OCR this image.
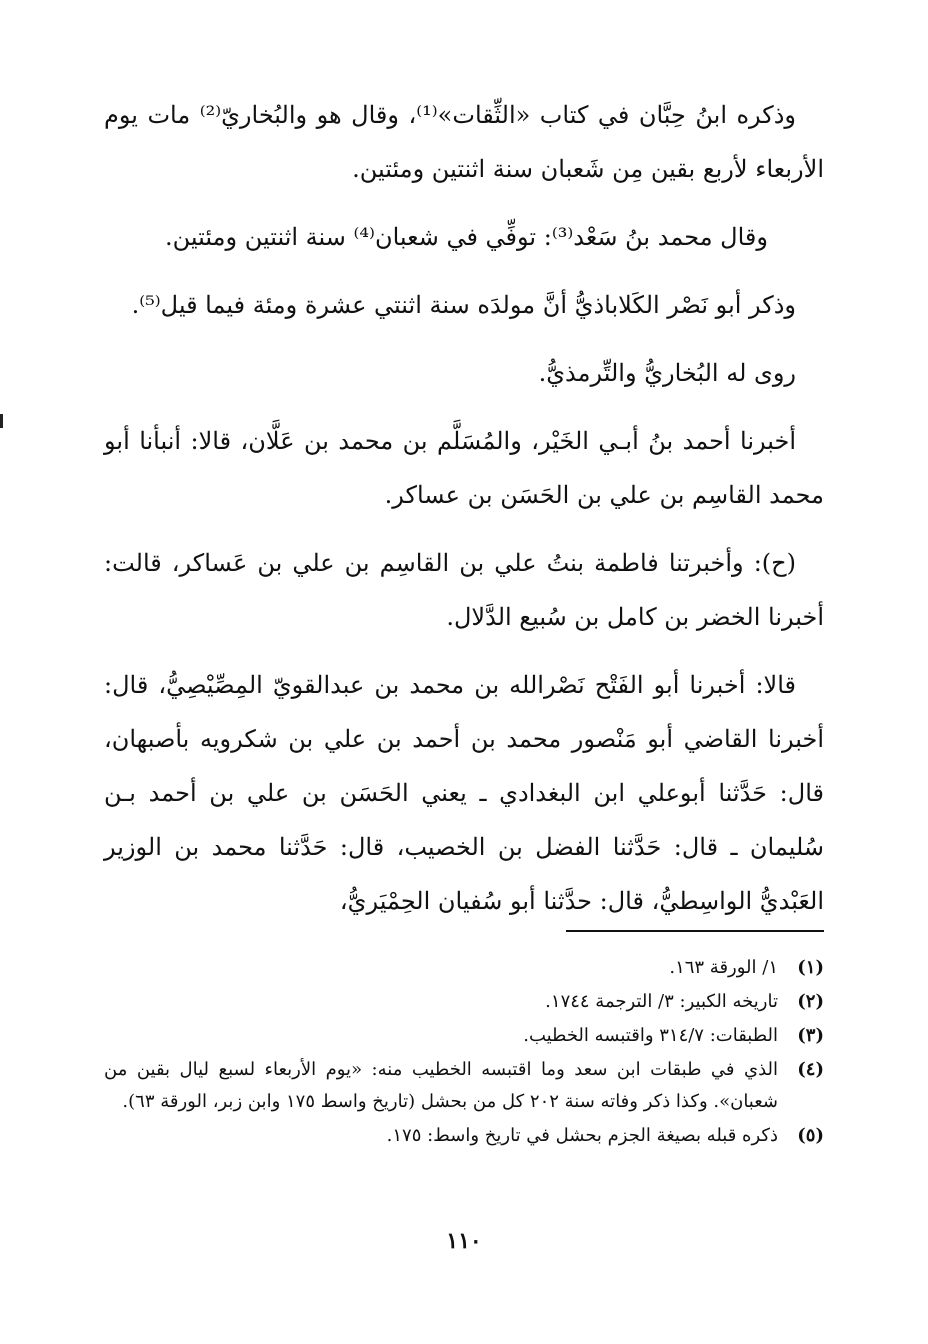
وذكره ابنُ حِبَّان في كتاب «الثِّقات»⁽¹⁾، وقال هو والبُخاريّ⁽²⁾ مات يوم الأربعاء لأربع بقين مِن شَعبان سنة اثنتين ومئتين.

وقال محمد بنُ سَعْد⁽³⁾: توفِّي في شعبان⁽⁴⁾ سنة اثنتين ومئتين.

وذكر أبو نَصْر الكَلاباذيُّ أنَّ مولدَه سنة اثنتي عشرة ومئة فيما قيل⁽⁵⁾.

روى له البُخاريُّ والتِّرمذيُّ.

أخبرنا أحمد بنُ أبـي الخَيْر، والمُسَلَّم بن محمد بن عَلَّان، قالا: أنبأنا أبو محمد القاسِم بن علي بن الحَسَن بن عساكر.

(ح): وأخبرتنا فاطمة بنتُ علي بن القاسِم بن علي بن عَساكر، قالت: أخبرنا الخضر بن كامل بن سُبيع الدَّلال.

قالا: أخبرنا أبو الفَتْح نَصْرالله بن محمد بن عبدالقويّ المِصِّيْصِيُّ، قال: أخبرنا القاضي أبو مَنْصور محمد بن أحمد بن علي بن شكرويه بأصبهان، قال: حَدَّثنا أبوعلي ابن البغدادي ـ يعني الحَسَن بن علي بن أحمد بـن سُليمان ـ قال: حَدَّثنا الفضل بن الخصيب، قال: حَدَّثنا محمد بن الوزير العَبْديُّ الواسِطيُّ، قال: حدَّثنا أبو سُفيان الحِمْيَريُّ،

(١)
١/ الورقة ١٦٣.
(٢)
تاريخه الكبير: ٣/ الترجمة ١٧٤٤.
(٣)
الطبقات: ٣١٤/٧ واقتبسه الخطيب.
(٤)
الذي في طبقات ابن سعد وما اقتبسه الخطيب منه: «يوم الأربعاء لسبع ليال بقين من شعبان». وكذا ذكر وفاته سنة ٢٠٢ كل من بحشل (تاريخ واسط ١٧٥ وابن زبر، الورقة ٦٣).
(٥)
ذكره قبله بصيغة الجزم بحشل في تاريخ واسط: ١٧٥.
١١٠
